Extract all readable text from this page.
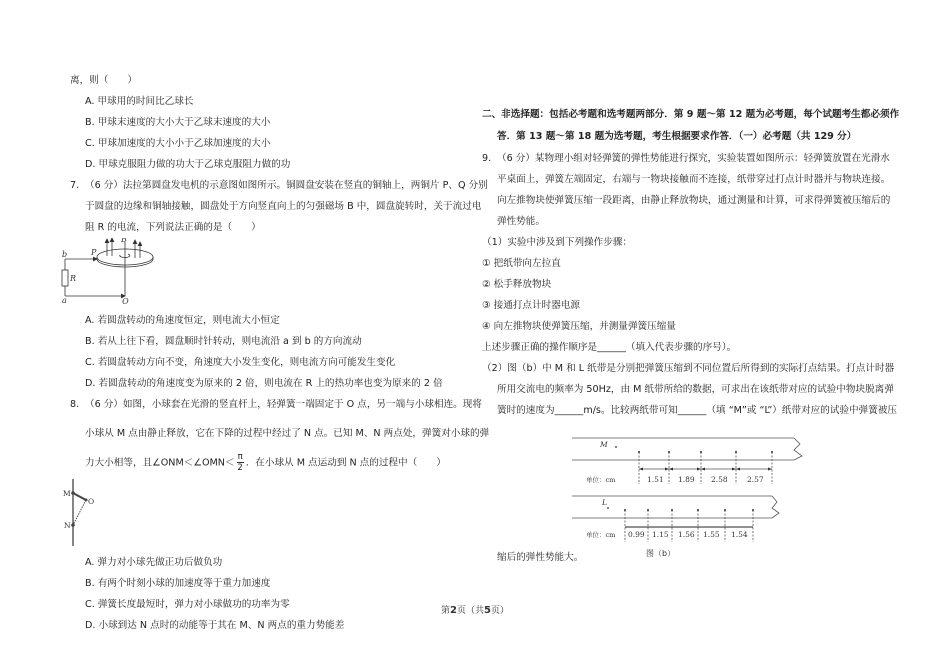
离，则（　　）
A. 甲球用的时间比乙球长
B. 甲球末速度的大小大于乙球末速度的大小
C. 甲球加速度的大小小于乙球加速度的大小
D. 甲球克服阻力做的功大于乙球克服阻力做的功
7. （6 分）法拉第圆盘发电机的示意图如图所示。铜圆盘安装在竖直的铜轴上，两铜片 P、Q 分别
于圆盘的边缘和铜轴接触，圆盘处于方向竖直向上的匀强磁场 B 中，圆盘旋转时，关于流过电
阻 R 的电流，下列说法正确的是（　　）
B
P
Q
R
b
a
A. 若圆盘转动的角速度恒定，则电流大小恒定
B. 若从上往下看，圆盘顺时针转动，则电流沿 a 到 b 的方向流动
C. 若圆盘转动方向不变，角速度大小发生变化，则电流方向可能发生变化
D. 若圆盘转动的角速度变为原来的 2 倍，则电流在 R 上的热功率也变为原来的 2 倍
8. （6 分）如图，小球套在光滑的竖直杆上，轻弹簧一端固定于 O 点，另一端与小球相连。现将
小球从 M 点由静止释放，它在下降的过程中经过了 N 点。已知 M、N 两点处，弹簧对小球的弹
力大小相等，且∠ONM＜∠OMN＜ $\frac{\pi}{2}$ ．在小球从 M 点运动到 N 点的过程中（　　）
M
O
N
A. 弹力对小球先做正功后做负功
B. 有两个时刻小球的加速度等于重力加速度
C. 弹簧长度最短时，弹力对小球做功的功率为零
D. 小球到达 N 点时的动能等于其在 M、N 两点的重力势能差
二、非选择题：包括必考题和选考题两部分．第 9 题～第 12 题为必考题，每个试题考生都必须作
答．第 13 题～第 18 题为选考题，考生根据要求作答．（一）必考题（共 129 分）
9. （6 分）某物理小组对轻弹簧的弹性势能进行探究，实验装置如图所示：轻弹簧放置在光滑水
平桌面上，弹簧左端固定，右端与一物块接触而不连接，纸带穿过打点计时器并与物块连接。
向左推物块使弹簧压缩一段距离，由静止释放物块，通过测量和计算，可求得弹簧被压缩后的
弹性势能。
（1）实验中涉及到下列操作步骤：
① 把纸带向左拉直
② 松手释放物块
③ 接通打点计时器电源
④ 向左推物块使弹簧压缩，并测量弹簧压缩量
上述步骤正确的操作顺序是______（填入代表步骤的序号）。
（2）图（b）中 M 和 L 纸带是分别把弹簧压缩到不同位置后所得到的实际打点结果。打点计时器
所用交流电的频率为 50Hz，由 M 纸带所给的数据，可求出在该纸带对应的试验中物块脱离弹
簧时的速度为______m/s。比较两纸带可知______（填 “M”或 “L”）纸带对应的试验中弹簧被压
M
单位：cm	1.51 1.89 2.58	2.57
L
单位：cm 0.99 1.15 1.56 1.55 1.54
图（b）
缩后的弹性势能大。
第2页（共5页）
